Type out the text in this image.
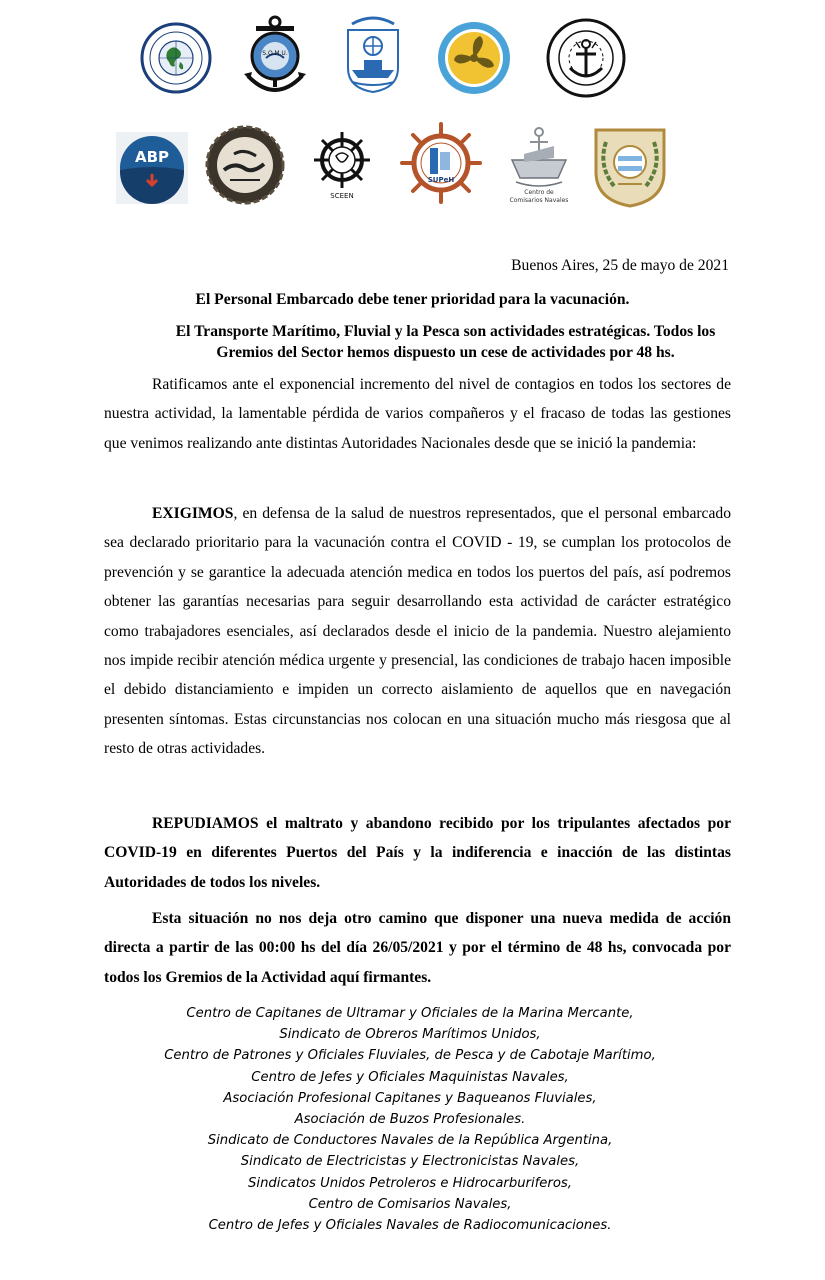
S.O.M.U.
ABP
SCEEN
SUPeH
Centro de
Comisarios Navales
Buenos Aires, 25 de mayo de 2021
El Personal Embarcado debe tener prioridad para la vacunación.
El Transporte Marítimo, Fluvial y la Pesca son actividades estratégicas. Todos los Gremios del Sector hemos dispuesto un cese de actividades por 48 hs.

Ratificamos ante el exponencial incremento del nivel de contagios en todos los sectores de nuestra actividad, la lamentable pérdida de varios compañeros y el fracaso de todas las gestiones que venimos realizando ante distintas Autoridades Nacionales desde que se inició la pandemia:

EXIGIMOS, en defensa de la salud de nuestros representados, que el personal embarcado sea declarado prioritario para la vacunación contra el COVID - 19, se cumplan los protocolos de prevención y se garantice la adecuada atención medica en todos los puertos del país, así podremos obtener las garantías necesarias para seguir desarrollando esta actividad de carácter estratégico como trabajadores esenciales, así declarados desde el inicio de la pandemia. Nuestro alejamiento nos impide recibir atención médica urgente y presencial, las condiciones de trabajo hacen imposible el debido distanciamiento e impiden un correcto aislamiento de aquellos que en navegación presenten síntomas. Estas circunstancias nos colocan en una situación mucho más riesgosa que al resto de otras actividades.

REPUDIAMOS el maltrato y abandono recibido por los tripulantes afectados por COVID-19 en diferentes Puertos del País y la indiferencia e inacción de las distintas Autoridades de todos los niveles.

Esta situación no nos deja otro camino que disponer una nueva medida de acción directa a partir de las 00:00 hs del día 26/05/2021 y por el término de 48 hs, convocada por todos los Gremios de la Actividad aquí firmantes.

Centro de Capitanes de Ultramar y Oficiales de la Marina Mercante,
Sindicato de Obreros Marítimos Unidos,
Centro de Patrones y Oficiales Fluviales, de Pesca y de Cabotaje Marítimo,
Centro de Jefes y Oficiales Maquinistas Navales,
Asociación Profesional Capitanes y Baqueanos Fluviales,
Asociación de Buzos Profesionales.
Sindicato de Conductores Navales de la República Argentina,
Sindicato de Electricistas y Electronicistas Navales,
Sindicatos Unidos Petroleros e Hidrocarburiferos,
Centro de Comisarios Navales,
Centro de Jefes y Oficiales Navales de Radiocomunicaciones.
